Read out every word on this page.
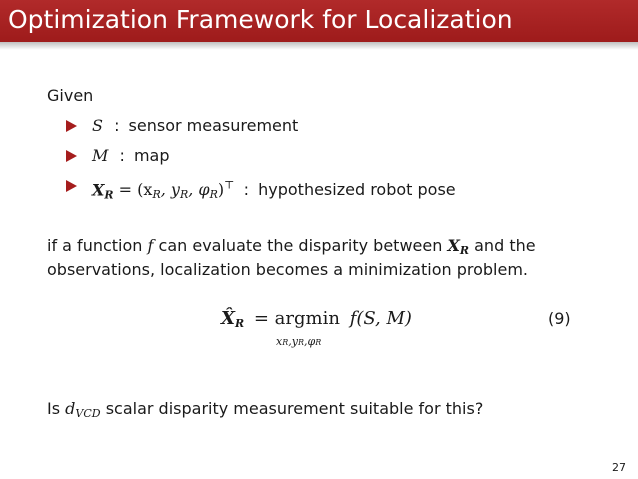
Optimization Framework for Localization
Given
S : sensor measurement
M : map
$X_R = (x_R$, $y_R$, $\varphi_R)^⊤$ : hypothesized robot pose
if a function f can evaluate the disparity between $X_R$ and the
observations, localization becomes a minimization problem.
$X̂_R = argmin$ f(S, M)
xR,yR,φR
(9)
Is $d_{VCD}$ scalar disparity measurement suitable for this?
27
